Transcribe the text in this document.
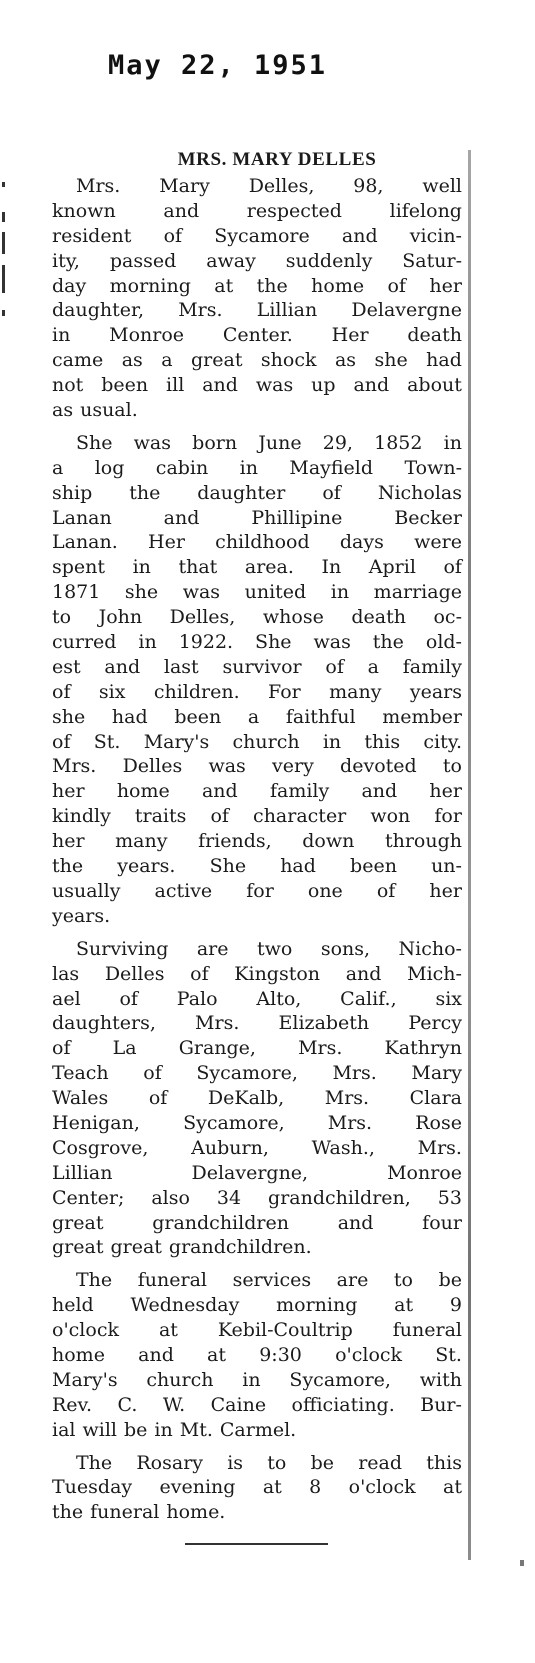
May 22, 1951
MRS. MARY DELLES
Mrs. Mary Delles, 98, well
known	and	respected	lifelong
resident of Sycamore and vicin-
ity, passed away suddenly Satur-
day morning at the home of her
daughter, Mrs. Lillian Delavergne
in Monroe Center. Her death
came as a great shock as she had
not been ill and was up and about
as usual.
She was born June 29, 1852 in
a log cabin in Mayfield Town-
ship the daughter of Nicholas
Lanan	and	Phillipine	Becker
Lanan. Her childhood days were
spent in that area. In April of
1871 she was united in marriage
to John Delles, whose death oc-
curred in 1922. She was the old-
est and last survivor of a family
of six children. For many years
she had been a faithful member
of St. Mary's church in this city.
Mrs. Delles was very devoted to
her home and family and her
kindly traits of character won for
her many friends, down through
the years. She had been un-
usually active for one of her
years.
Surviving are two sons, Nicho-
las Delles of Kingston and Mich-
ael of Palo Alto, Calif., six
daughters, Mrs. Elizabeth Percy
of La Grange, Mrs. Kathryn
Teach of Sycamore, Mrs. Mary
Wales of DeKalb, Mrs. Clara
Henigan, Sycamore, Mrs. Rose
Cosgrove, Auburn, Wash., Mrs.
Lillian	Delavergne,	Monroe
Center; also 34 grandchildren, 53
great	grandchildren	and	four
great great grandchildren.
The funeral services are to be
held Wednesday morning at 9
o'clock at Kebil-Coultrip funeral
home and at 9:30 o'clock St.
Mary's church in Sycamore, with
Rev. C. W. Caine officiating. Bur-
ial will be in Mt. Carmel.
The Rosary is to be read this
Tuesday evening at 8 o'clock at
the funeral home.
